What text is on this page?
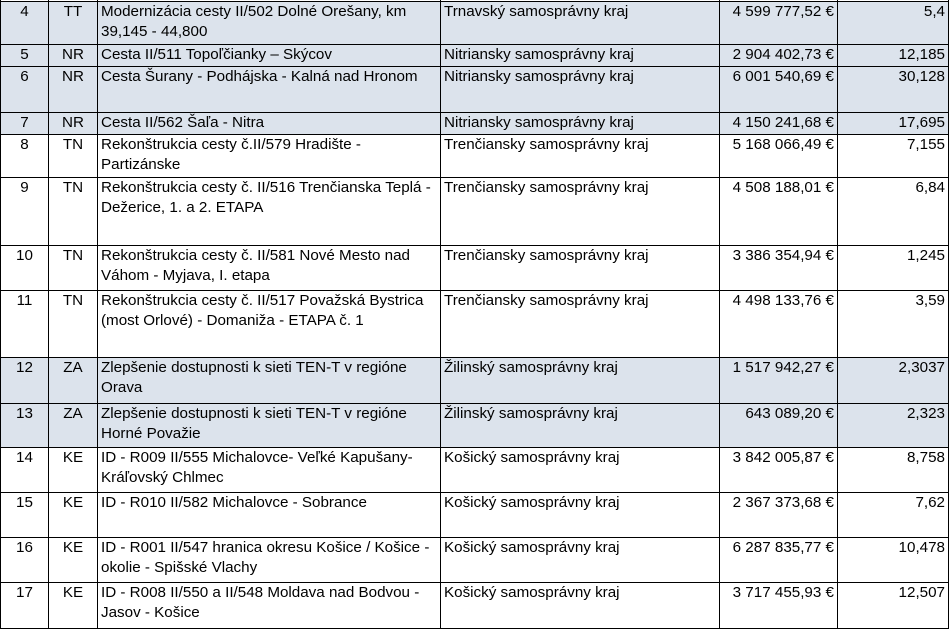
4	TT	Modernizácia cesty II/502 Dolné Orešany, km 39,145 - 44,800	Trnavský samosprávny kraj	4 599 777,52 €	5,4
5	NR	Cesta II/511 Topoľčianky – Skýcov	Nitriansky samosprávny kraj	2 904 402,73 €	12,185
6	NR	Cesta Šurany - Podhájska - Kalná nad Hronom	Nitriansky samosprávny kraj	6 001 540,69 €	30,128
7	NR	Cesta II/562 Šaľa - Nitra	Nitriansky samosprávny kraj	4 150 241,68 €	17,695
8	TN	Rekonštrukcia cesty č.II/579 Hradište - Partizánske	Trenčiansky samosprávny kraj	5 168 066,49 €	7,155
9	TN	Rekonštrukcia cesty č. II/516 Trenčianska Teplá - Dežerice, 1. a 2. ETAPA	Trenčiansky samosprávny kraj	4 508 188,01 €	6,84
10	TN	Rekonštrukcia cesty č. II/581 Nové Mesto nad Váhom - Myjava, I. etapa	Trenčiansky samosprávny kraj	3 386 354,94 €	1,245
11	TN	Rekonštrukcia cesty č. II/517 Považská Bystrica (most Orlové) - Domaniža - ETAPA č. 1	Trenčiansky samosprávny kraj	4 498 133,76 €	3,59
12	ZA	Zlepšenie dostupnosti k sieti TEN-T v regióne Orava	Žilinský samosprávny kraj	1 517 942,27 €	2,3037
13	ZA	Zlepšenie dostupnosti k sieti TEN-T v regióne Horné Považie	Žilinský samosprávny kraj	643 089,20 €	2,323
14	KE	ID - R009 II/555 Michalovce- Veľké Kapušany-Kráľovský Chlmec	Košický samosprávny kraj	3 842 005,87 €	8,758
15	KE	ID - R010 II/582 Michalovce - Sobrance	Košický samosprávny kraj	2 367 373,68 €	7,62
16	KE	ID - R001 II/547 hranica okresu Košice / Košice - okolie - Spišské Vlachy	Košický samosprávny kraj	6 287 835,77 €	10,478
17	KE	ID - R008 II/550 a II/548 Moldava nad Bodvou - Jasov - Košice	Košický samosprávny kraj	3 717 455,93 €	12,507
